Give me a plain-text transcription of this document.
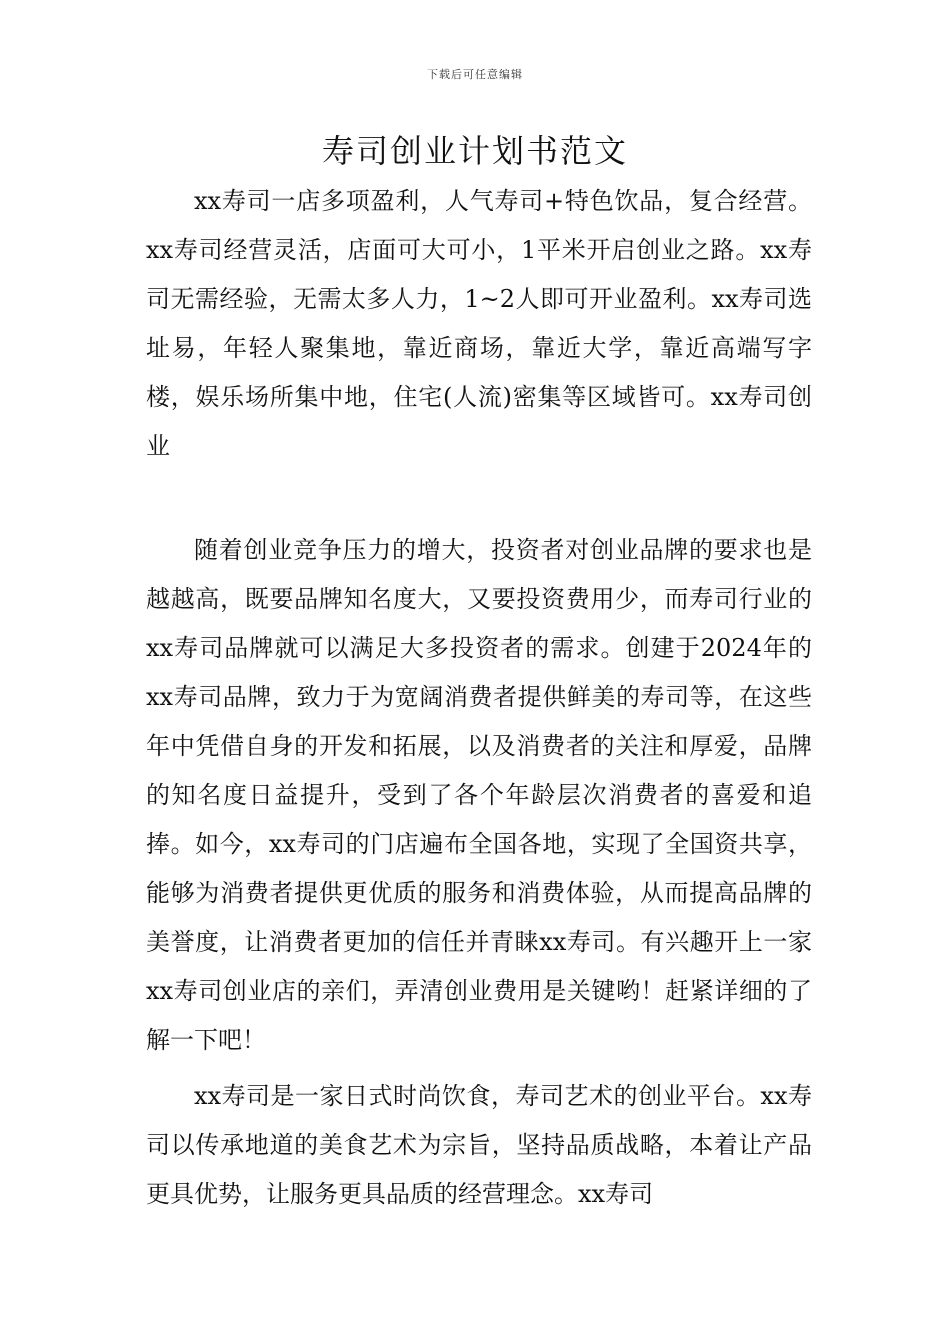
下载后可任意编辑
寿司创业计划书范文

xx寿司一店多项盈利，人气寿司+特色饮品，复合经营。xx寿司经营灵活，店面可大可小，1平米开启创业之路。xx寿司无需经验，无需太多人力，1~2人即可开业盈利。xx寿司选址易，年轻人聚集地，靠近商场，靠近大学，靠近高端写字楼，娱乐场所集中地，住宅(人流)密集等区域皆可。xx寿司创业

随着创业竞争压力的增大，投资者对创业品牌的要求也是越越高，既要品牌知名度大，又要投资费用少，而寿司行业的xx寿司品牌就可以满足大多投资者的需求。创建于2024年的xx寿司品牌，致力于为宽阔消费者提供鲜美的寿司等，在这些年中凭借自身的开发和拓展，以及消费者的关注和厚爱，品牌的知名度日益提升，受到了各个年龄层次消费者的喜爱和追捧。如今，xx寿司的门店遍布全国各地，实现了全国资共享，能够为消费者提供更优质的服务和消费体验，从而提高品牌的美誉度，让消费者更加的信任并青睐xx寿司。有兴趣开上一家xx寿司创业店的亲们，弄清创业费用是关键哟！赶紧详细的了解一下吧！

xx寿司是一家日式时尚饮食，寿司艺术的创业平台。xx寿司以传承地道的美食艺术为宗旨，坚持品质战略，本着让产品更具优势，让服务更具品质的经营理念。xx寿司
